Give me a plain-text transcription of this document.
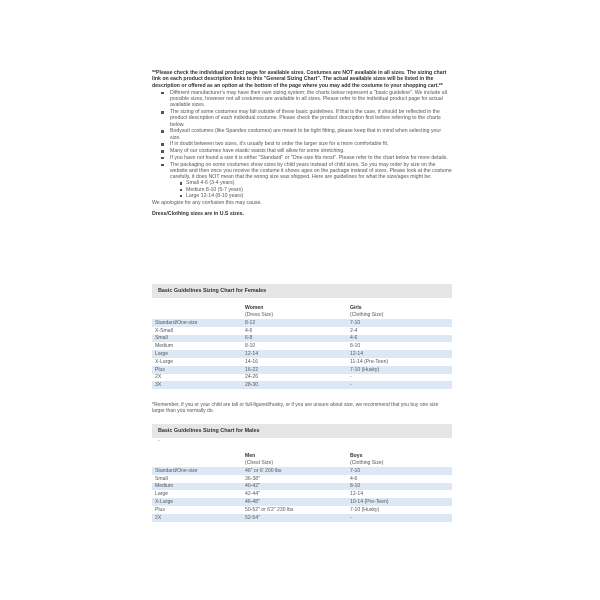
**Please check the individual product page for available sizes. Costumes are NOT available in all sizes. The sizing chart link on each product description links to this "General Sizing Chart". The actual available sizes will be listed in the description or offered as an option at the bottom of the page where you may add the costume to your shopping cart.**

Different manufacturer's may have their own sizing system; the charts below represent a "basic guideline". We include all possible sizes, however not all costumes are available in all sizes. Please refer to the individual product page for actual available sizes.
The sizing of some costumes may fall outside of these basic guidelines. If that is the case, it should be reflected in the product description of each individual costume. Please check the product description first before referring to the charts below.
Bodysuit costumes (like Spandex costumes) are meant to be tight fitting, please keep that in mind when selecting your size.
If in doubt between two sizes, it's usually best to order the larger size for a more comfortable fit.
Many of our costumes have elastic waists that will allow for some stretching.
If you have not found a size it is either "Standard" or "One-size fits most". Please refer to the chart below for more details.
The packaging on some costumes show sizes by child years instead of child sizes. So you may order by size on the website and then once you receive the costume it shows ages on the package instead of sizes. Please look at the costume carefully, it does NOT mean that the wrong size was shipped. Here are guidelines for what the size/ages might be:
Small 4-6 (3-4 years)
Medium 8-10 (5-7 years)
Large 12-14 (8-10 years)

We apologize for any confusion this may cause.

Dress/Clothing sizes are in U.S sizes.

Basic Guidelines Sizing Chart for Females
	Women	Girls
	(Dress Size)	(Clothing Size)
Standard/One-size	8-12	7-10
X-Small	4-6	2-4
Small	6-8	4-6
Medium	8-10	8-10
Large	12-14	12-14
X-Large	14-16	11-14 (Pre-Teen)
Plus	16-22	7-10 (Husky)
2X	24-26	-
3X	28-30	-

*Remember, if you or your child are tall or full-figured/husky, or if you are unsure about size, we recommend that you buy one size larger than you normally do.

Basic Guidelines Sizing Chart for Males
-
	Men	Boys
	(Chest Size)	(Clothing Size)
Standard/One-size	46" or 6' 200 lbs	7-10
Small	36-38"	4-6
Medium	40-42"	8-10
Large	42-44"	12-14
X-Large	46-48"	10-14 (Pre-Teen)
Plus	50-52" or 6'2" 230 lbs	7-10 (Husky)
2X	52-54"	-
